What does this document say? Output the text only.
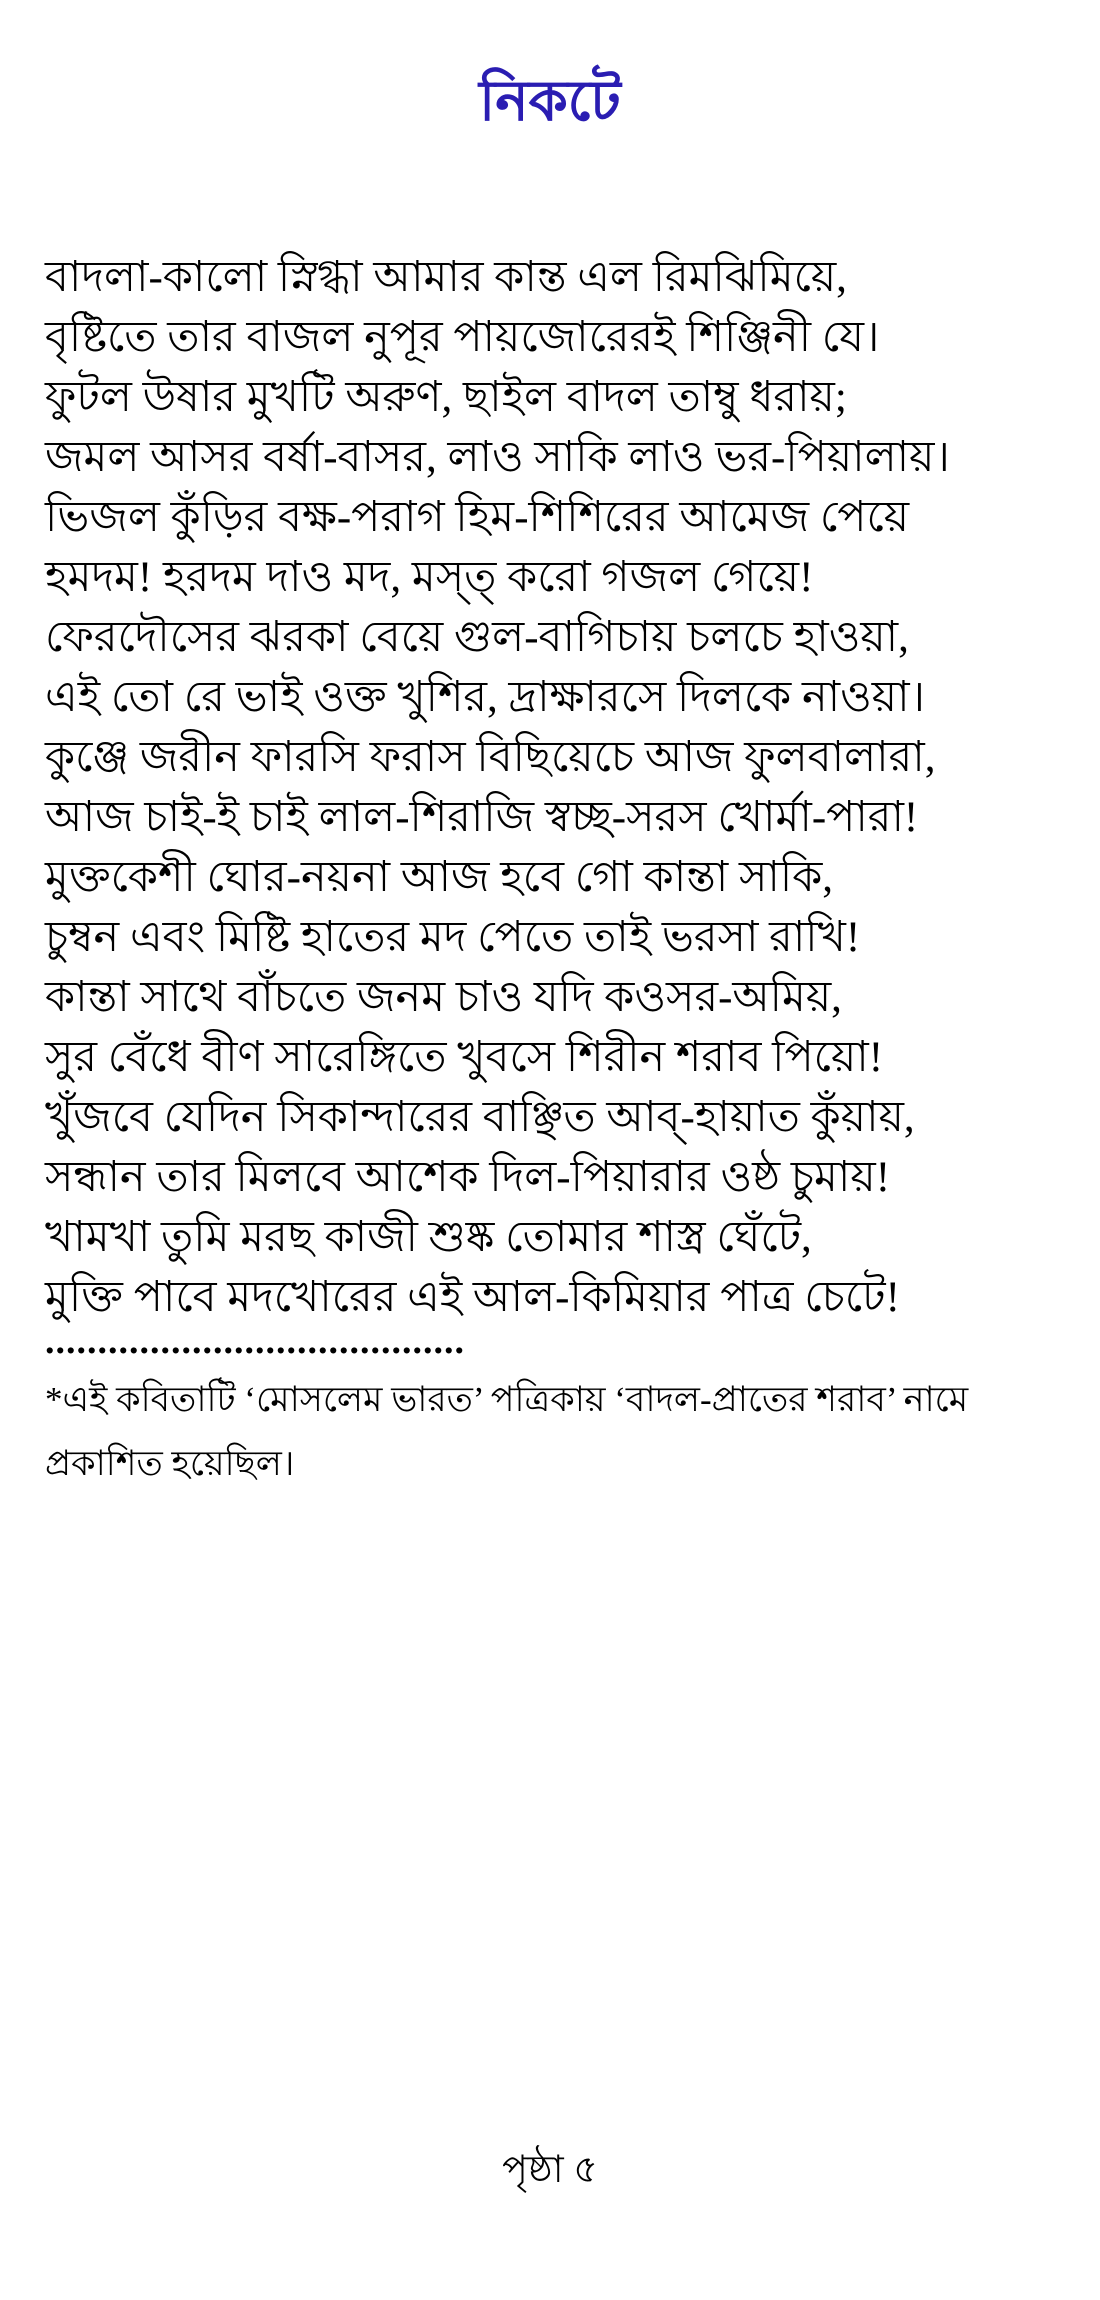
নিকটে
বাদলা-কালো স্নিগ্ধা আমার কান্ত এল রিমঝিমিয়ে,
বৃষ্টিতে তার বাজল নুপূর পায়জোরেরই শিঞ্জিনী যে।
ফুটল উষার মুখটি অরুণ, ছাইল বাদল তাম্বু ধরায়;
জমল আসর বর্ষা-বাসর, লাও সাকি লাও ভর-পিয়ালায়।
ভিজল কুঁড়ির বক্ষ-পরাগ হিম-শিশিরের আমেজ পেয়ে
হমদম! হরদম দাও মদ, মস্ত্ করো গজল গেয়ে!
ফেরদৌসের ঝরকা বেয়ে গুল-বাগিচায় চলচে হাওয়া,
এই তো রে ভাই ওক্ত খুশির, দ্রাক্ষারসে দিলকে নাওয়া।
কুঞ্জে জরীন ফারসি ফরাস বিছিয়েচে আজ ফুলবালারা,
আজ চাই-ই চাই লাল-শিরাজি স্বচ্ছ-সরস খোর্মা-পারা!
মুক্তকেশী ঘোর-নয়না আজ হবে গো কান্তা সাকি,
চুম্বন এবং মিষ্টি হাতের মদ পেতে তাই ভরসা রাখি!
কান্তা সাথে বাঁচতে জনম চাও যদি কওসর-অমিয়,
সুর বেঁধে বীণ সারেঙ্গিতে খুবসে শিরীন শরাব পিয়ো!
খুঁজবে যেদিন সিকান্দারের বাঞ্ছিত আব্-হায়াত কুঁয়ায়,
সন্ধান তার মিলবে আশেক দিল-পিয়ারার ওষ্ঠ চুমায়!
খামখা তুমি মরছ কাজী শুষ্ক তোমার শাস্ত্র ঘেঁটে,
মুক্তি পাবে মদখোরের এই আল-কিমিয়ার পাত্র চেটে!
........................................
*এই কবিতাটি ‘মোসলেম ভারত’ পত্রিকায় ‘বাদল-প্রাতের শরাব’ নামে
প্রকাশিত হয়েছিল।
পৃষ্ঠা ৫
